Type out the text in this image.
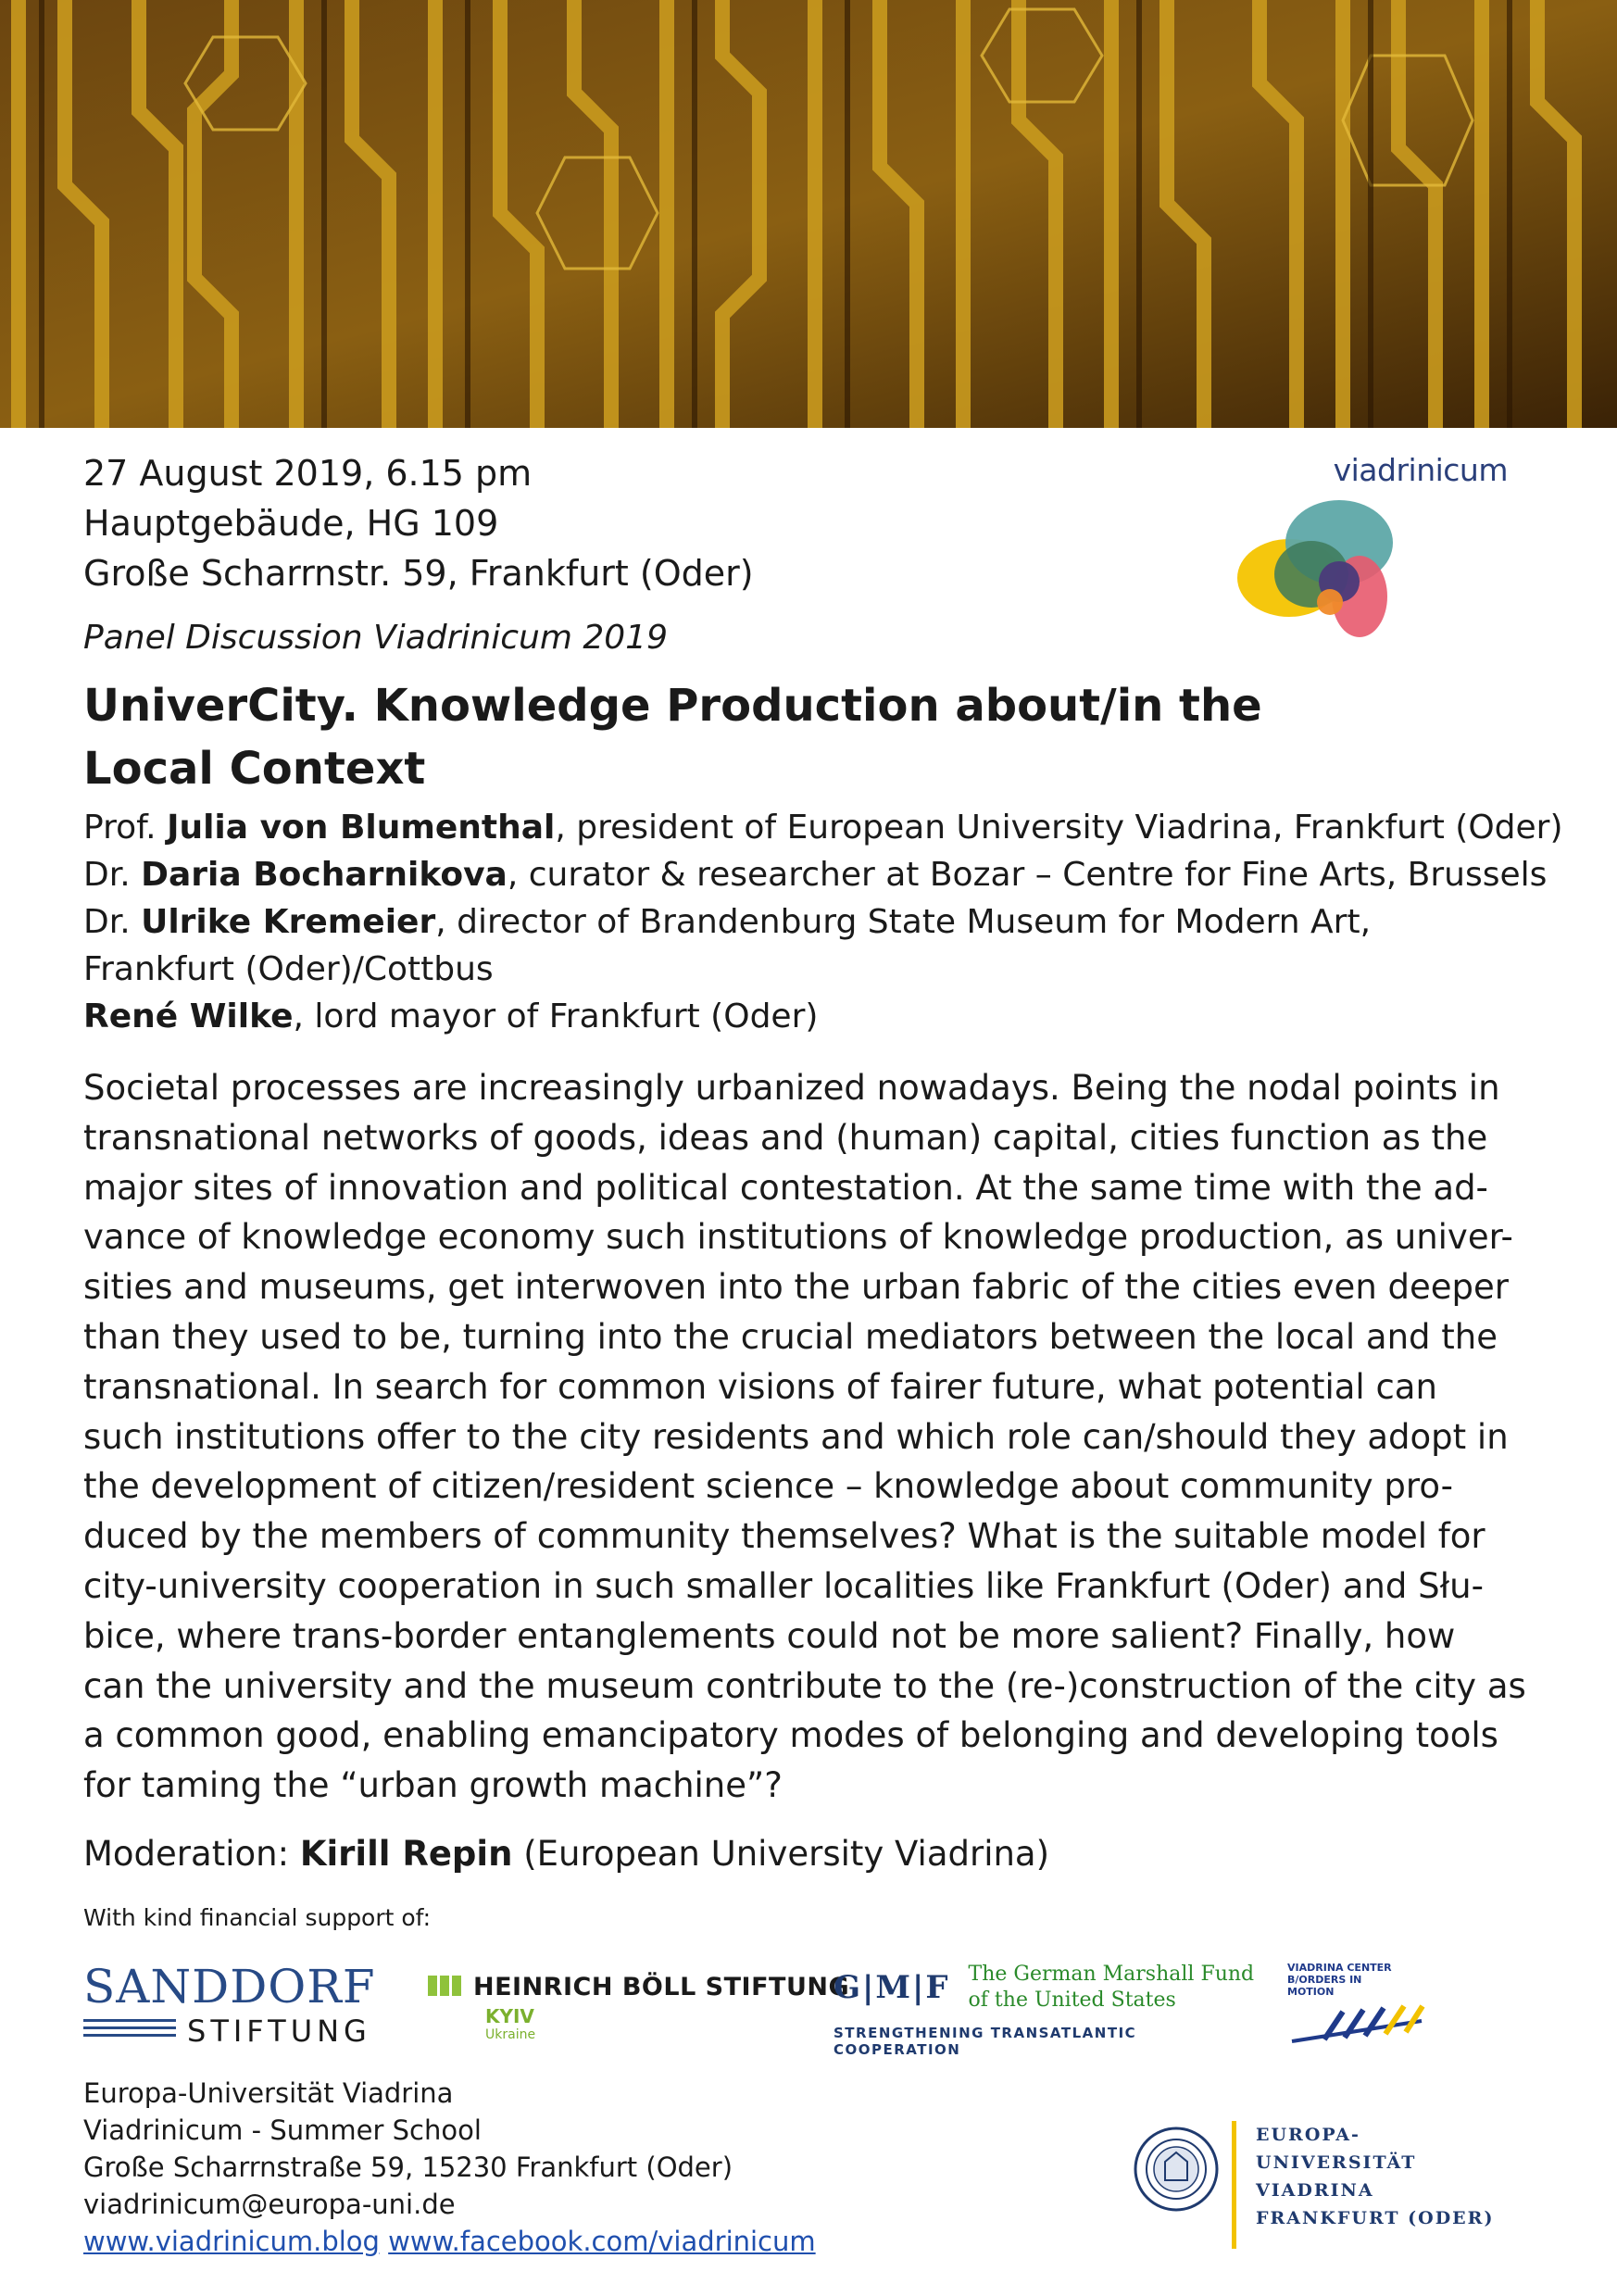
27 August 2019, 6.15 pm
Hauptgebäude, HG 109
Große Scharrnstr. 59, Frankfurt (Oder)
viadrinicum
Panel Discussion Viadrinicum 2019
UniverCity. Knowledge Production about/in the
Local Context
Prof. Julia von Blumenthal, president of European University Viadrina, Frankfurt (Oder)
Dr. Daria Bocharnikova, curator & researcher at Bozar – Centre for Fine Arts, Brussels
Dr. Ulrike Kremeier, director of Brandenburg State Museum for Modern Art,
Frankfurt (Oder)/Cottbus
René Wilke, lord mayor of Frankfurt (Oder)
Societal processes are increasingly urbanized nowadays. Being the nodal points in
transnational networks of goods, ideas and (human) capital, cities function as the
major sites of innovation and political contestation. At the same time with the ad-
vance of knowledge economy such institutions of knowledge production, as univer-
sities and museums, get interwoven into the urban fabric of the cities even deeper
than they used to be, turning into the crucial mediators between the local and the
transnational. In search for common visions of fairer future, what potential can
such institutions offer to the city residents and which role can/should they adopt in
the development of citizen/resident science – knowledge about community pro-
duced by the members of community themselves? What is the suitable model for
city-university cooperation in such smaller localities like Frankfurt (Oder) and Słu-
bice, where trans-border entanglements could not be more salient? Finally, how
can the university and the museum contribute to the (re-)construction of the city as
a common good, enabling emancipatory modes of belonging and developing tools
for taming the “urban growth machine”?
Moderation: Kirill Repin (European University Viadrina)
With kind financial support of:
SANDDORF
STIFTUNG
HEINRICH BÖLL STIFTUNG
KYIV
Ukraine
G|M|F The German Marshall Fund
of the United States
STRENGTHENING TRANSATLANTIC COOPERATION
VIADRINA CENTER
B/ORDERS IN
MOTION
Europa-Universität Viadrina
Viadrinicum - Summer School
Große Scharrnstraße 59, 15230 Frankfurt (Oder)
viadrinicum@europa-uni.de
www.viadrinicum.blog www.facebook.com/viadrinicum
EUROPA-UNIVERSITÄT
VIADRINA
FRANKFURT (ODER)
